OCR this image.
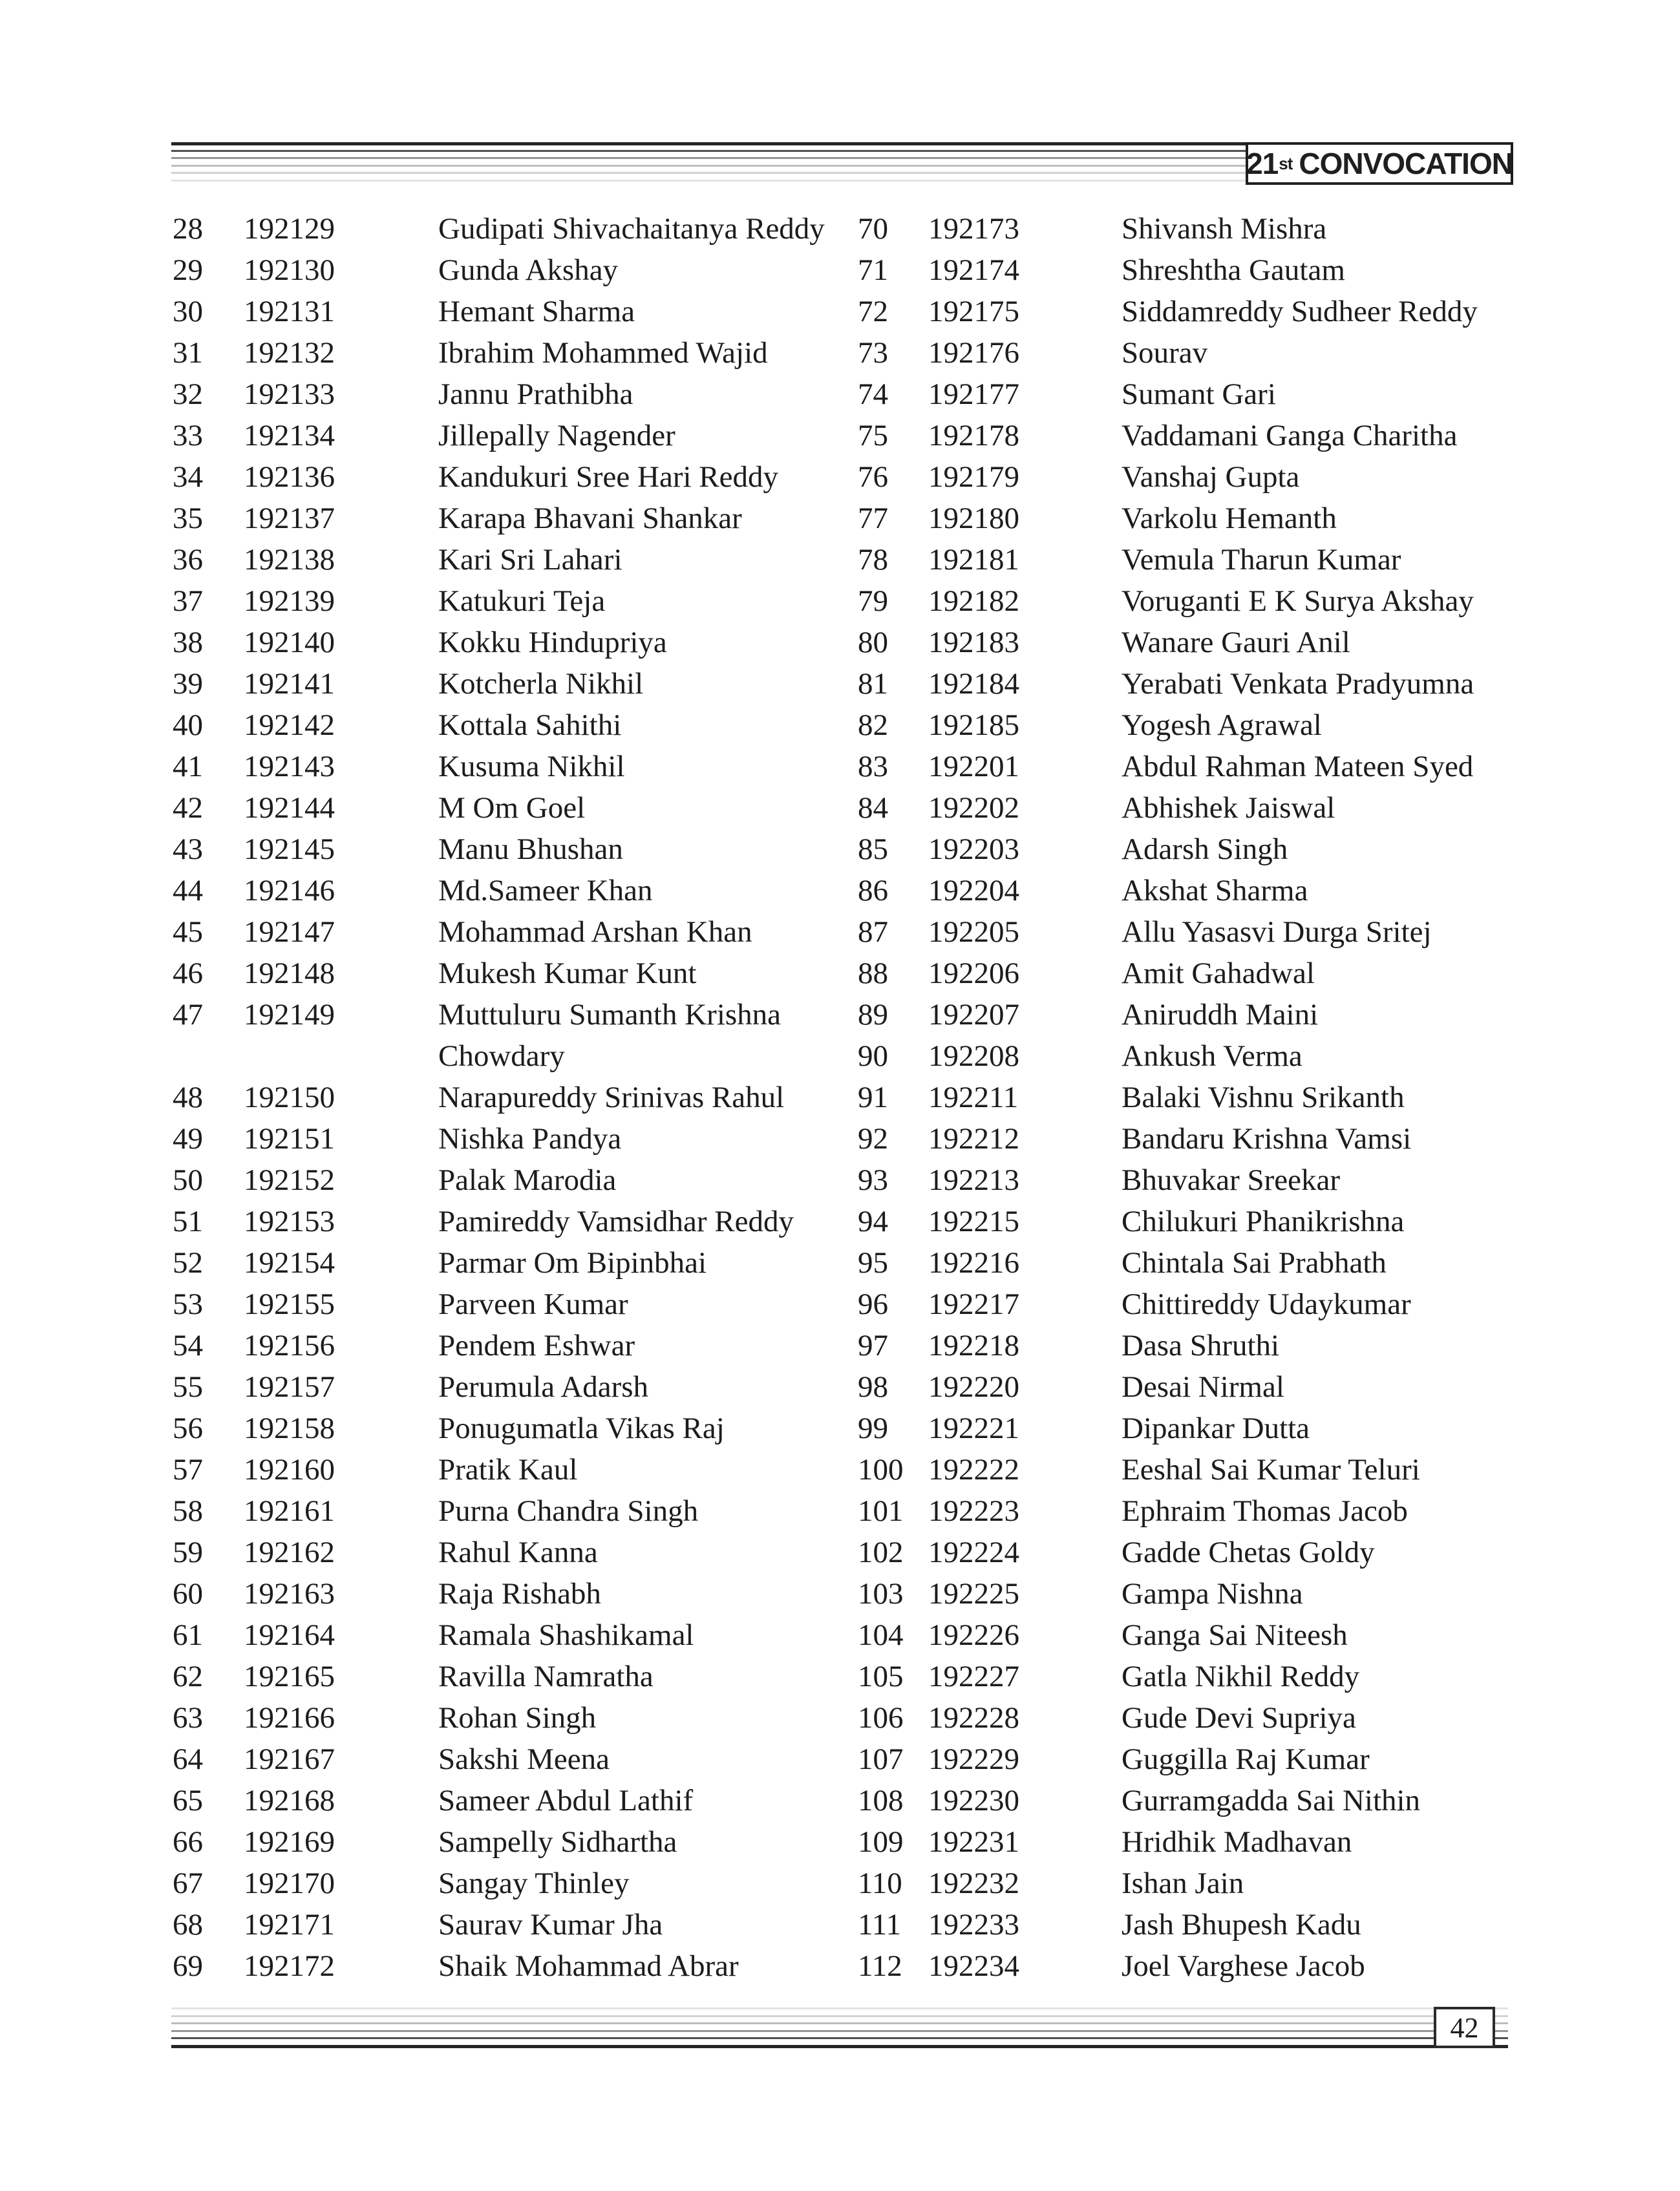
21 st CONVOCATION
28	192129	Gudipati Shivachaitanya Reddy
29	192130	Gunda Akshay
30	192131	Hemant Sharma
31	192132	Ibrahim Mohammed Wajid
32	192133	Jannu Prathibha
33	192134	Jillepally Nagender
34	192136	Kandukuri Sree Hari Reddy
35	192137	Karapa Bhavani Shankar
36	192138	Kari Sri Lahari
37	192139	Katukuri Teja
38	192140	Kokku Hindupriya
39	192141	Kotcherla Nikhil
40	192142	Kottala Sahithi
41	192143	Kusuma Nikhil
42	192144	M Om Goel
43	192145	Manu Bhushan
44	192146	Md.Sameer Khan
45	192147	Mohammad Arshan Khan
46	192148	Mukesh Kumar Kunt
47	192149	Muttuluru Sumanth Krishna
Chowdary
48	192150	Narapureddy Srinivas Rahul
49	192151	Nishka Pandya
50	192152	Palak Marodia
51	192153	Pamireddy Vamsidhar Reddy
52	192154	Parmar Om Bipinbhai
53	192155	Parveen Kumar
54	192156	Pendem Eshwar
55	192157	Perumula Adarsh
56	192158	Ponugumatla Vikas Raj
57	192160	Pratik Kaul
58	192161	Purna Chandra Singh
59	192162	Rahul Kanna
60	192163	Raja Rishabh
61	192164	Ramala Shashikamal
62	192165	Ravilla Namratha
63	192166	Rohan Singh
64	192167	Sakshi Meena
65	192168	Sameer Abdul Lathif
66	192169	Sampelly Sidhartha
67	192170	Sangay Thinley
68	192171	Saurav Kumar Jha
69	192172	Shaik Mohammad Abrar
70	192173	Shivansh Mishra
71	192174	Shreshtha Gautam
72	192175	Siddamreddy Sudheer Reddy
73	192176	Sourav
74	192177	Sumant Gari
75	192178	Vaddamani Ganga Charitha
76	192179	Vanshaj Gupta
77	192180	Varkolu Hemanth
78	192181	Vemula Tharun Kumar
79	192182	Voruganti E K Surya Akshay
80	192183	Wanare Gauri Anil
81	192184	Yerabati Venkata Pradyumna
82	192185	Yogesh Agrawal
83	192201	Abdul Rahman Mateen Syed
84	192202	Abhishek Jaiswal
85	192203	Adarsh Singh
86	192204	Akshat Sharma
87	192205	Allu Yasasvi Durga Sritej
88	192206	Amit Gahadwal
89	192207	Aniruddh Maini
90	192208	Ankush Verma
91	192211	Balaki Vishnu Srikanth
92	192212	Bandaru Krishna Vamsi
93	192213	Bhuvakar Sreekar
94	192215	Chilukuri Phanikrishna
95	192216	Chintala Sai Prabhath
96	192217	Chittireddy Udaykumar
97	192218	Dasa Shruthi
98	192220	Desai Nirmal
99	192221	Dipankar Dutta
100 192222	Eeshal Sai Kumar Teluri
101 192223	Ephraim Thomas Jacob
102 192224	Gadde Chetas Goldy
103 192225	Gampa Nishna
104 192226	Ganga Sai Niteesh
105 192227	Gatla Nikhil Reddy
106 192228	Gude Devi Supriya
107 192229	Guggilla Raj Kumar
108 192230	Gurramgadda Sai Nithin
109 192231	Hridhik Madhavan
110 192232	Ishan Jain
111 192233	Jash Bhupesh Kadu
112 192234	Joel Varghese Jacob
42
